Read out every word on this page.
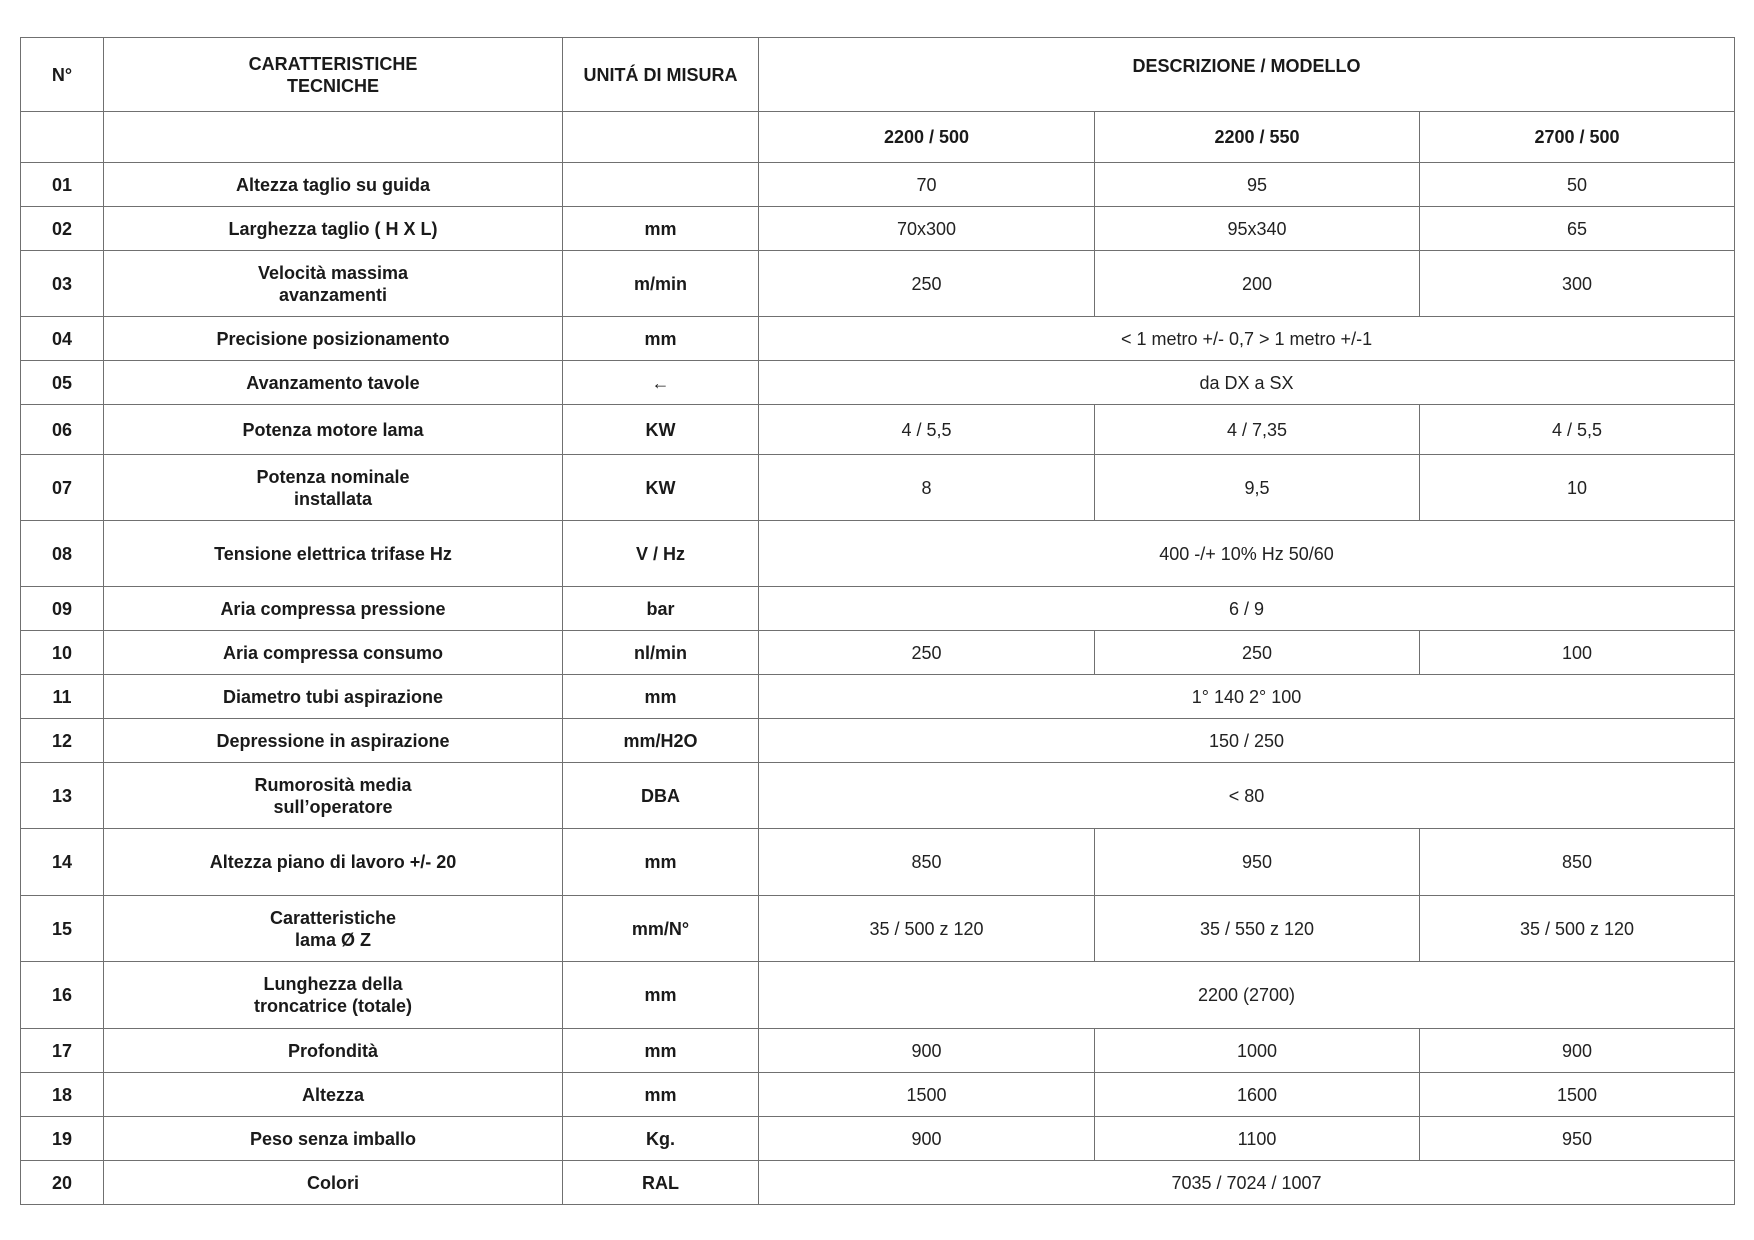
N°	CARATTERISTICHE
TECNICHE	UNITÁ DI MISURA	DESCRIZIONE / MODELLO		
			2200 / 500	2200 / 550	2700 / 500
01	Altezza taglio su guida		70	95	50
02	Larghezza taglio ( H X L)	mm	70x300	95x340	65
03	Velocità massima
avanzamenti	m/min	250	200	300
04	Precisione posizionamento	mm	< 1 metro +/- 0,7 > 1 metro +/-1		
05	Avanzamento tavole	←	da DX a SX		
06	Potenza motore lama	KW	4 / 5,5	4 / 7,35	4 / 5,5
07	Potenza nominale
installata	KW	8	9,5	10
08	Tensione elettrica trifase Hz	V / Hz	400 -/+ 10% Hz 50/60		
09	Aria compressa pressione	bar	6 / 9		
10	Aria compressa consumo	nl/min	250	250	100
11	Diametro tubi aspirazione	mm	1° 140 2° 100		
12	Depressione in aspirazione	mm/H2O	150 / 250		
13	Rumorosità media
sull’operatore	DBA	< 80		
14	Altezza piano di lavoro +/- 20	mm	850	950	850
15	Caratteristiche
lama Ø Z	mm/N°	35 / 500 z 120	35 / 550 z 120	35 / 500 z 120
16	Lunghezza della
troncatrice (totale)	mm	2200 (2700)		
17	Profondità	mm	900	1000	900
18	Altezza	mm	1500	1600	1500
19	Peso senza imballo	Kg.	900	1100	950
20	Colori	RAL	7035 / 7024 / 1007		
